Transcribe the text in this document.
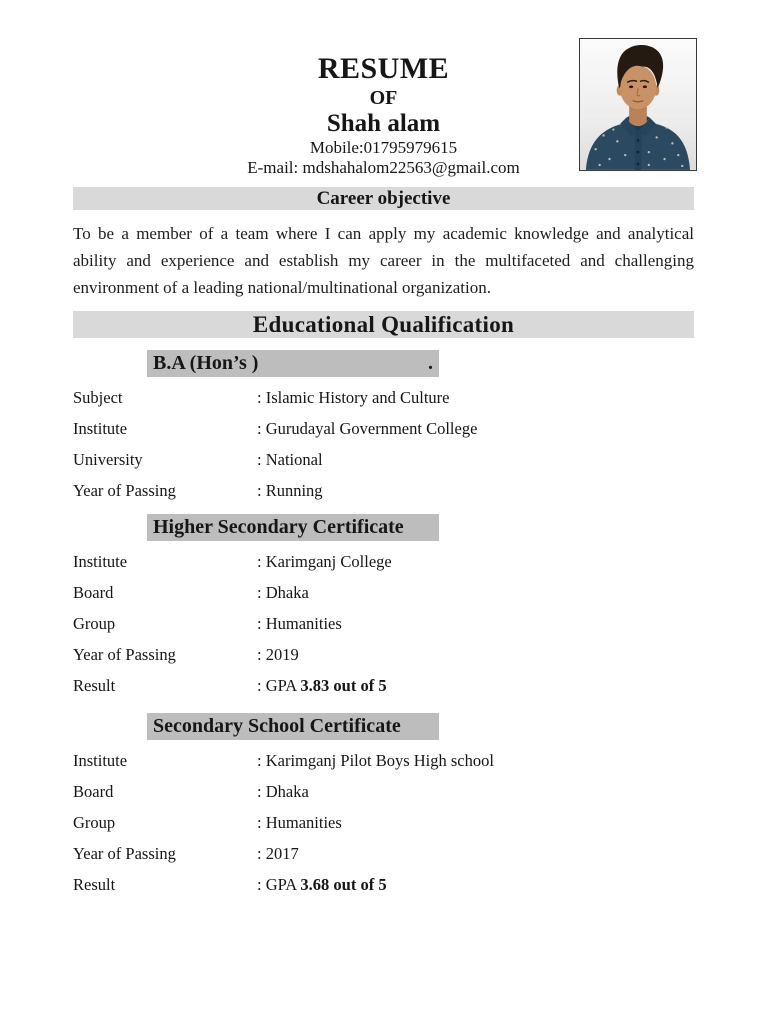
RESUME
OF
Shah alam
Mobile:01795979615
E-mail: mdshahalom22563@gmail.com
Career objective

To be a member of a team where I can apply my academic knowledge and analytical ability and experience and establish my career in the multifaceted and challenging environment of a leading national/multinational organization.

Educational Qualification
B.A (Hon’s )	.
Subject	: Islamic History and Culture
Institute	: Gurudayal Government College
University	: National
Year of Passing	: Running
Higher Secondary Certificate
Institute	: Karimganj College
Board	: Dhaka
Group	: Humanities
Year of Passing	: 2019
Result	: GPA 3.83 out of 5
Secondary School Certificate
Institute	: Karimganj Pilot Boys High school
Board	: Dhaka
Group	: Humanities
Year of Passing	: 2017
Result	: GPA 3.68 out of 5
